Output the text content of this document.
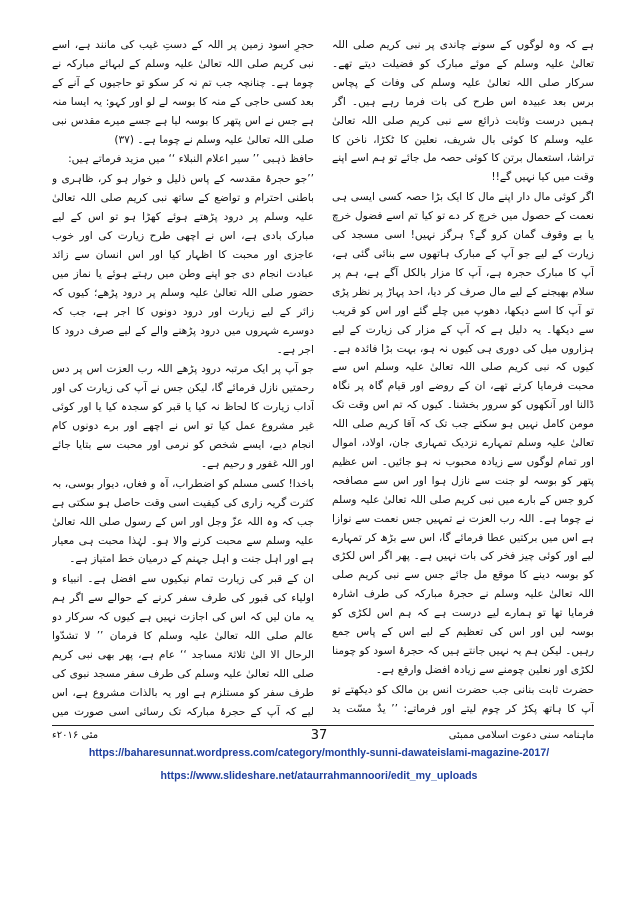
ہے کہ وہ لوگوں کے سونے چاندی پر نبی کریم صلی اللہ تعالیٰ علیہ وسلم کے موئے مبارک کو فضیلت دیتے تھے۔ سرکار صلی اللہ تعالیٰ علیہ وسلم کی وفات کے پچاس برس بعد عبیدہ اس طرح کی بات فرما رہے ہیں۔ اگر ہمیں درست وثابت ذرائع سے نبی کریم صلی اللہ تعالیٰ علیہ وسلم کا کوئی بال شریف، نعلین کا ٹکڑا، ناخن کا تراشا، استعمال برتن کا کوئی حصہ مل جائے تو ہم اسے اپنے وقت میں کیا نہیں گے!!

اگر کوئی مال دار اپنے مال کا ایک بڑا حصہ کسی ایسی ہی نعمت کے حصول میں خرچ کر دے تو کیا تم اسے فضول خرچ یا بے وقوف گمان کرو گے؟ ہرگز نہیں! اسی مسجد کی زیارت کے لیے جو آپ کے مبارک ہاتھوں سے بنائی گئی ہے، آپ کا مبارک حجرہ ہے، آپ کا مزار بالکل آگے ہے، ہم پر سلام بھیجنے کے لیے مال صرف کر دیا، احد پہاڑ پر نظر پڑی تو آپ کا اسے دیکھا، دھوپ میں چلے گئے اور اس کو قریب سے دیکھا۔ یہ دلیل ہے کہ آپ کے مزار کی زیارت کے لیے ہزاروں میل کی دوری ہی کیوں نہ ہو، بہت بڑا فائدہ ہے۔ کیوں کہ نبی کریم صلی اللہ تعالیٰ علیہ وسلم اس سے محبت فرمایا کرتے تھے، ان کے روضے اور قیام گاہ پر نگاہ ڈالنا اور آنکھوں کو سرور بخشنا۔ کیوں کہ تم اس وقت تک مومن کامل نہیں ہو سکتے جب تک کہ آقا کریم صلی اللہ تعالیٰ علیہ وسلم تمہارے نزدیک تمہاری جان، اولاد، اموال اور تمام لوگوں سے زیادہ محبوب نہ ہو جائیں۔ اس عظیم پتھر کو بوسہ لو جنت سے نازل ہوا اور اس سے مصافحہ کرو جس کے بارے میں نبی کریم صلی اللہ تعالیٰ علیہ وسلم نے چوما ہے۔ اللہ رب العزت نے تمہیں جس نعمت سے نوازا ہے اس میں برکتیں عطا فرمائے گا، اس سے بڑھ کر تمہارے لیے اور کوئی چیز فخر کی بات نہیں ہے۔ پھر اگر اس لکڑی کو بوسہ دینے کا موقع مل جائے جس سے نبی کریم صلی اللہ تعالیٰ علیہ وسلم نے حجرۂ مبارکہ کی طرف اشارہ فرمایا تھا تو ہمارے لیے درست ہے کہ ہم اس لکڑی کو بوسہ لیں اور اس کی تعظیم کے لیے اس کے پاس جمع رہیں۔ لیکن ہم یہ نہیں جانتے ہیں کہ حجرۂ اسود کو چومنا لکڑی اور نعلین چومنے سے زیادہ افضل وارفع ہے۔

حضرت ثابت بنانی جب حضرت انس بن مالک کو دیکھتے تو آپ کا ہاتھ پکڑ کر چوم لیتے اور فرماتے: ’’ یدٌ مسّت ید

حجرِ اسود زمین پر اللہ کے دستِ غیب کی مانند ہے، اسے نبی کریم صلی اللہ تعالیٰ علیہ وسلم کے لبہائے مبارکہ نے چوما ہے۔ چنانچہ جب تم نہ کر سکو تو حاجیوں کے آنے کے بعد کسی حاجی کے منہ کا بوسہ لے لو اور کہو: یہ ایسا منہ ہے جس نے اس پتھر کا بوسہ لیا ہے جسے میرے مقدس نبی صلی اللہ تعالیٰ علیہ وسلم نے چوما ہے۔ (۳۷)

حافظ ذہبی ’’ سیر اعلام النبلاء ‘‘ میں مزید فرماتے ہیں:

’’جو حجرۂ مقدسہ کے پاس ذلیل و خوار ہو کر، ظاہری و باطنی احترام و تواضع کے ساتھ نبی کریم صلی اللہ تعالیٰ علیہ وسلم پر درود پڑھتے ہوئے کھڑا ہو تو اس کے لیے مبارک بادی ہے، اس نے اچھی طرح زیارت کی اور خوب عاجزی اور محبت کا اظہار کیا اور اس انسان سے زائد عبادت انجام دی جو اپنے وطن میں رہتے ہوئے یا نماز میں حضور صلی اللہ تعالیٰ علیہ وسلم پر درود پڑھے؛ کیوں کہ زائر کے لیے زیارت اور درود دونوں کا اجر ہے، جب کہ دوسرے شہروں میں درود پڑھنے والے کے لیے صرف درود کا اجر ہے۔

جو آپ پر ایک مرتبہ درود پڑھے اللہ رب العزت اس پر دس رحمتیں نازل فرمائے گا، لیکن جس نے آپ کی زیارت کی اور آداب زیارت کا لحاظ نہ کیا یا قبر کو سجدہ کیا یا اور کوئی غیر مشروع عمل کیا تو اس نے اچھے اور برے دونوں کام انجام دیے، ایسے شخص کو نرمی اور محبت سے بتایا جائے اور اللہ غفور و رحیم ہے۔

باخدا! کسی مسلم کو اضطراب، آہ و فغاں، دیوار بوسی، بہ کثرت گریہ زاری کی کیفیت اسی وقت حاصل ہو سکتی ہے جب کہ وہ اللہ عزّ وجل اور اس کے رسول صلی اللہ تعالیٰ علیہ وسلم سے محبت کرنے والا ہو۔ لہٰذا محبت ہی معیار ہے اور اہل جنت و اہل جہنم کے درمیان خط امتیاز ہے۔

ان کے قبر کی زیارت تمام نیکیوں سے افضل ہے۔ انبیاء و اولیاء کی قبور کی طرف سفر کرنے کے حوالے سے اگر ہم یہ مان لیں کہ اس کی اجازت نہیں ہے کیوں کہ سرکار دو عالم صلی اللہ تعالیٰ علیہ وسلم کا فرمان ’’ لا تشدّوا الرحال الا الیٰ ثلاثۃ مساجد ‘‘ عام ہے، پھر بھی نبی کریم صلی اللہ تعالیٰ علیہ وسلم کی طرف سفر مسجد نبوی کی طرف سفر کو مستلزم ہے اور یہ بالذات مشروع ہے، اس لیے کہ آپ کے حجرۂ مبارکہ تک رسائی اسی صورت میں

ماہنامہ سنی دعوت اسلامی ممبئی
37
مئی ۲۰۱۶ء
https://baharesunnat.wordpress.com/category/monthly-sunni-dawateislami-magazine-2017/
https://www.slideshare.net/ataurrahmannoori/edit_my_uploads
